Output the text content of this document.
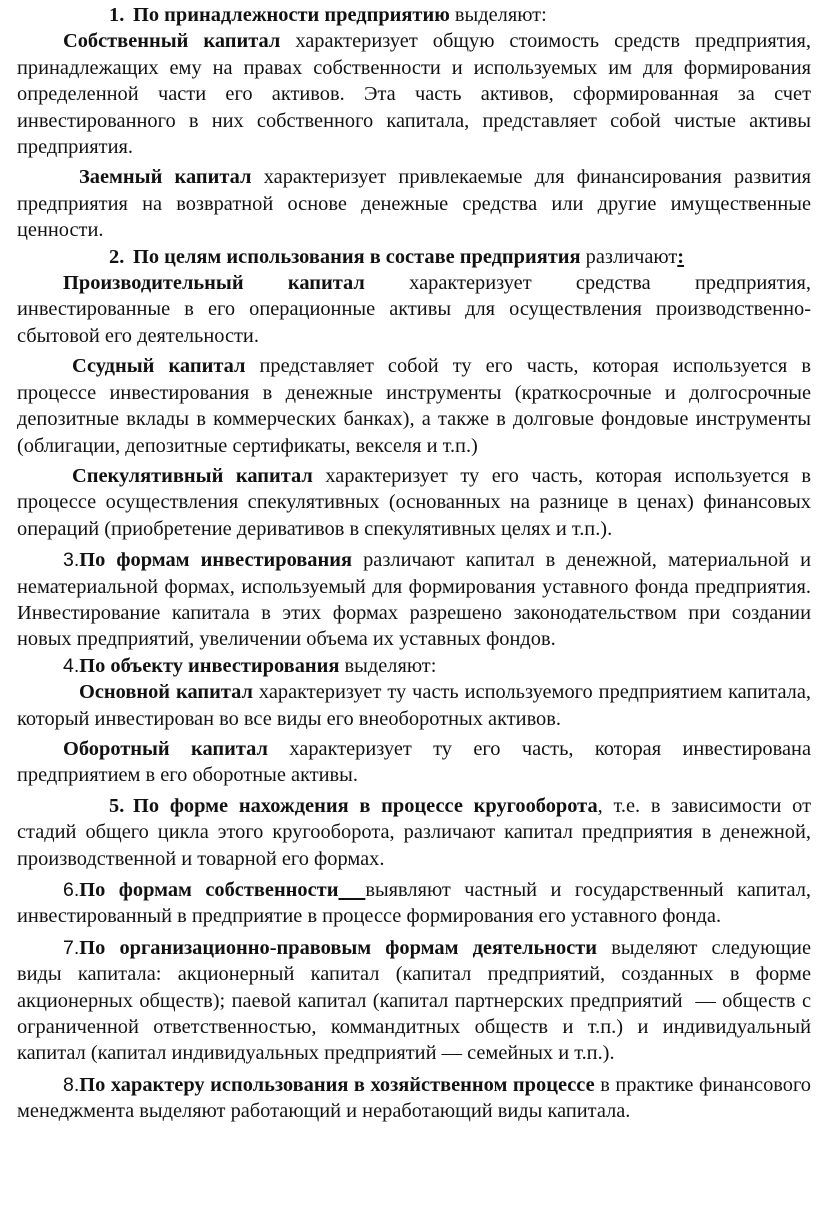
1. По принадлежности предприятию выделяют:

Собственный капитал характеризует общую стоимость средств предприятия, принадлежащих ему на правах собственности и используемых им для формирования определенной части его активов. Эта часть активов, сформированная за счет инвестированного в них собственного капитала, представляет собой чистые активы предприятия.

Заемный капитал характеризует привлекаемые для финансирования развития предприятия на возвратной основе денежные средства или другие имущественные ценности.

2. По целям использования в составе предприятия различают:

Производительный капитал характеризует средства предприятия, инвестированные в его операционные активы для осуществления производственно-сбытовой его деятельности.

Ссудный капитал представляет собой ту его часть, которая используется в процессе инвестирования в денежные инструменты (краткосрочные и долгосрочные депозитные вклады в коммерческих банках), а также в долговые фондовые инструменты (облигации, депозитные сертификаты, векселя и т.п.)

Спекулятивный капитал характеризует ту его часть, которая используется в процессе осуществления спекулятивных (основанных на разнице в ценах) финансовых операций (приобретение деривативов в спекулятивных целях и т.п.).

3.По формам инвестирования различают капитал в денежной, материальной и нематериальной формах, используемый для формирования уставного фонда предприятия. Инвестирование капитала в этих формах разрешено законодательством при создании новых предприятий, увеличении объема их уставных фондов.

4.По объекту инвестирования выделяют:

Основной капитал характеризует ту часть используемого предприятием капитала, который инвестирован во все виды его внеоборотных активов.

Оборотный капитал характеризует ту его часть, которая инвестирована предприятием в его оборотные активы.

5. По форме нахождения в процессе кругооборота, т.е. в зависимости от стадий общего цикла этого кругооборота, различают капитал предприятия в денежной, производственной и товарной его формах.

6.По формам собственности выявляют частный и государственный капитал, инвестированный в предприятие в процессе формирования его уставного фонда.

7.По организационно-правовым формам деятельности выделяют следующие виды капитала: акционерный капитал (капитал предприятий, созданных в форме акционерных обществ); паевой капитал (капитал партнерских предприятий  — обществ с ограниченной ответственностью, коммандитных обществ и т.п.) и индивидуальный капитал (капитал индивидуальных предприятий — семейных и т.п.).

8.По характеру использования в хозяйственном процессе в практике финансового менеджмента выделяют работающий и неработающий виды капитала.
